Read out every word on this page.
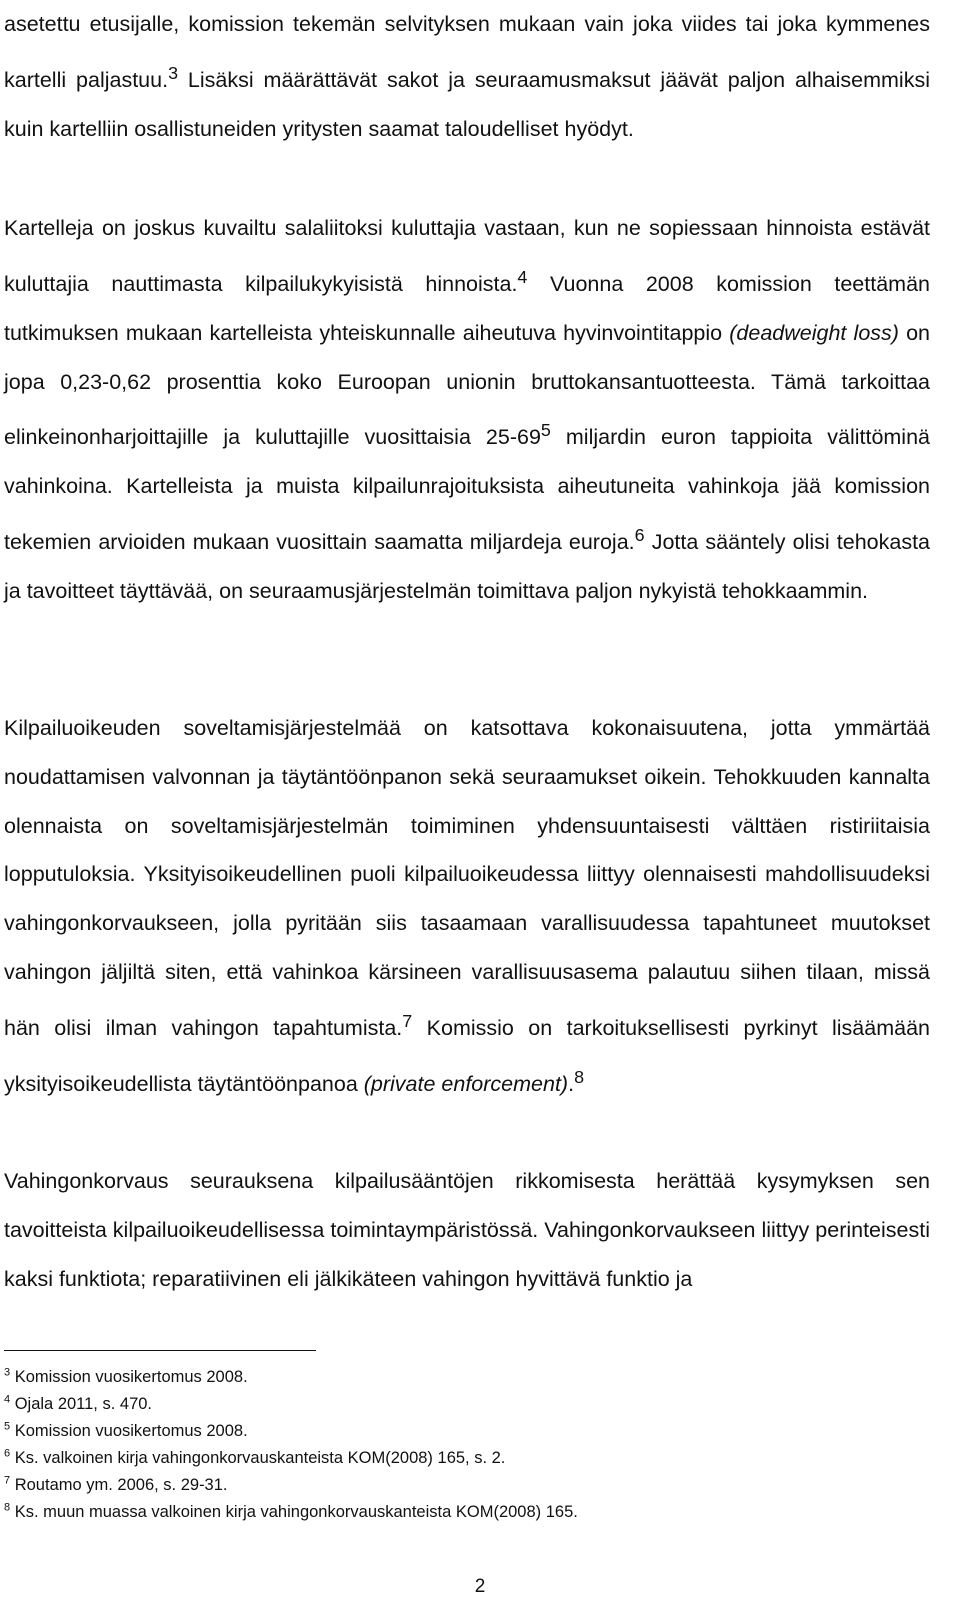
asetettu etusijalle, komission tekemän selvityksen mukaan vain joka viides tai joka kymmenes kartelli paljastuu.$^3$ Lisäksi määrättävät sakot ja seuraamusmaksut jäävät paljon alhaisemmiksi kuin kartelliin osallistuneiden yritysten saamat taloudelliset hyödyt.

Kartelleja on joskus kuvailtu salaliitoksi kuluttajia vastaan, kun ne sopiessaan hinnoista estävät kuluttajia nauttimasta kilpailukykyisistä hinnoista.$^4$ Vuonna 2008 komission teettämän tutkimuksen mukaan kartelleista yhteiskunnalle aiheutuva hyvinvointitappio (deadweight loss) on jopa 0,23‐0,62 prosenttia koko Euroopan unionin bruttokansantuotteesta. Tämä tarkoittaa elinkeinonharjoittajille ja kuluttajille vuosittaisia $25-69^5$ miljardin euron tappioita välittöminä vahinkoina. Kartelleista ja muista kilpailunrajoituksista aiheutuneita vahinkoja jää komission tekemien arvioiden mukaan vuosittain saamatta miljardeja euroja.$^6$ Jotta sääntely olisi tehokasta ja tavoitteet täyttävää, on seuraamusjärjestelmän toimittava paljon nykyistä tehokkaammin.

Kilpailuoikeuden soveltamisjärjestelmää on katsottava kokonaisuutena, jotta ymmärtää noudattamisen valvonnan ja täytäntöönpanon sekä seuraamukset oikein. Tehokkuuden kannalta olennaista on soveltamisjärjestelmän toimiminen yhdensuuntaisesti välttäen ristiriitaisia lopputuloksia. Yksityisoikeudellinen puoli kilpailuoikeudessa liittyy olennaisesti mahdollisuudeksi vahingonkorvaukseen, jolla pyritään siis tasaamaan varallisuudessa tapahtuneet muutokset vahingon jäljiltä siten, että vahinkoa kärsineen varallisuusasema palautuu siihen tilaan, missä hän olisi ilman vahingon tapahtumista.$^7$ Komissio on tarkoituksellisesti pyrkinyt lisäämään yksityisoikeudellista täytäntöönpanoa (private enforcement).$^8$

Vahingonkorvaus seurauksena kilpailusääntöjen rikkomisesta herättää kysymyksen sen tavoitteista kilpailuoikeudellisessa toimintaympäristössä. Vahingonkorvaukseen liittyy perinteisesti kaksi funktiota; reparatiivinen eli jälkikäteen vahingon hyvittävä funktio ja

$^3$ Komission vuosikertomus 2008.

$^4$ Ojala 2011, s. 470.

$^5$ Komission vuosikertomus 2008.

$^6$ Ks. valkoinen kirja vahingonkorvauskanteista KOM(2008) 165, s. 2.

$^7$ Routamo ym. 2006, s. 29-31.

$^8$ Ks. muun muassa valkoinen kirja vahingonkorvauskanteista KOM(2008) 165.

2
